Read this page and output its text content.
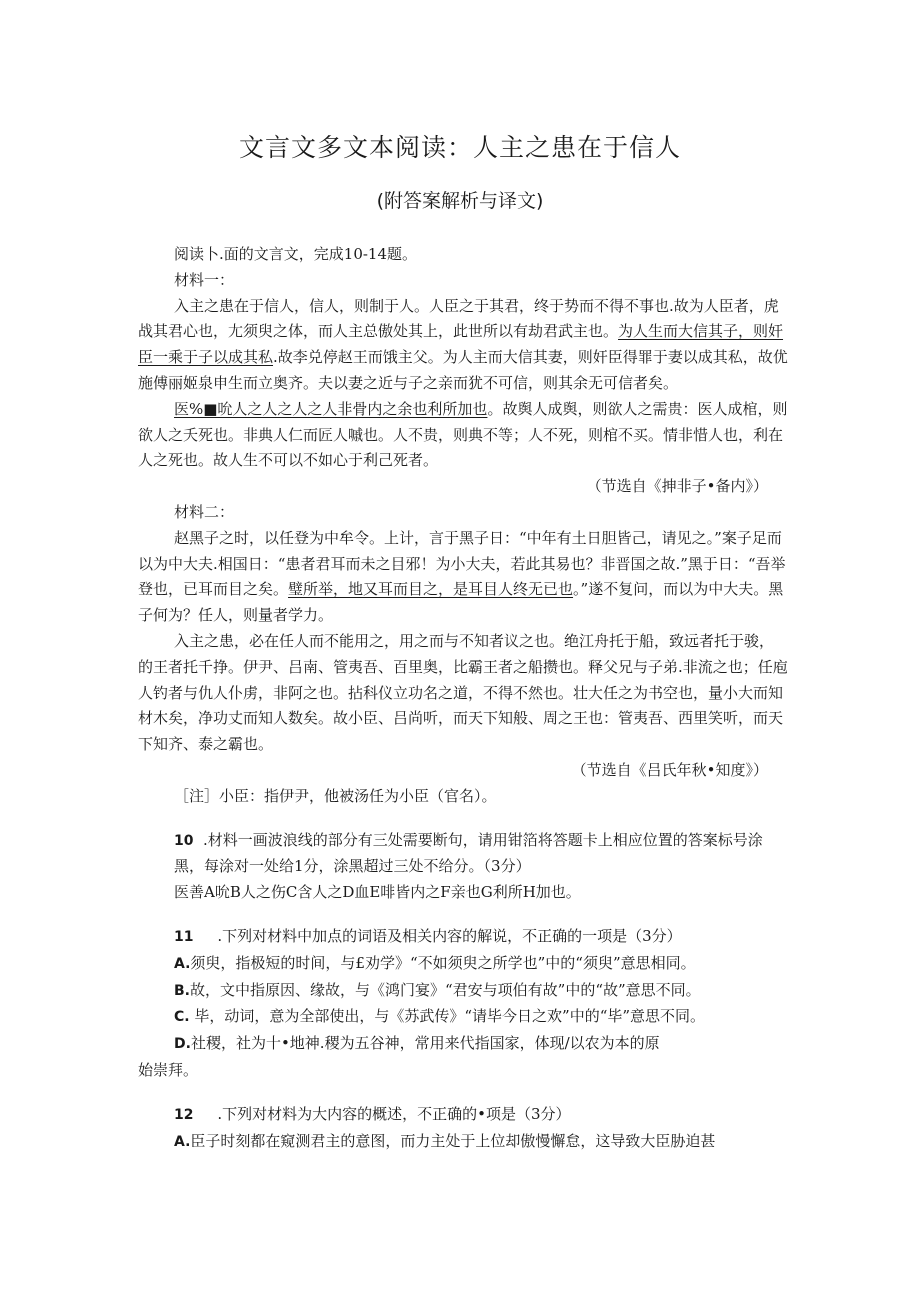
文言文多文本阅读：人主之患在于信人
(附答案解析与译文)

阅读卜.面的文言文，完成10-14题。

材料一：

入主之患在于信人，信人，则制于人。人臣之于其君，终于势而不得不事也.故为人臣者，虎战其君心也，尢须臾之体，而人主总傲处其上，此世所以有劫君武主也。为人生而大信其子，则奸臣一乘于子以成其私.故李兑停赵王而饿主父。为人主而大信其妻，则奸臣得罪于妻以成其私，故优施傅丽姬泉申生而立奥齐。夫以妻之近与子之亲而犹不可信，则其余无可信者矣。

医%■吮人之人之人之人非骨内之余也利所加也。故舆人成舆，则欲人之需贵：医人成棺，则欲人之夭死也。非典人仁而匠人嘁也。人不贵，则典不等；人不死，则棺不买。情非惜人也，利在人之死也。故人生不可以不如心于利己死者。

（节选自《抻非子•备内》）

材料二：

赵黑子之时，以任登为中牟令。上计，言于黑子日：“中年有土日胆皆己，请见之。”案子足而以为中大夫.相国日：“患者君耳而未之目邪！为小大夫，若此其易也？非晋国之故.”黑于日：“吾举登也，已耳而目之矣。璧所举，地又耳而目之，是耳目人终无已也。”遂不复问，而以为中大夫。黑子何为？任人，则量者学力。

入主之患，必在任人而不能用之，用之而与不知者议之也。绝江舟托于船，致远者托于骏，的王者托千挣。伊尹、吕南、管夷吾、百里奥，比霸王者之船攒也。释父兄与子弟.非流之也；任庖人钓者与仇人仆虏，非阿之也。拈科仪立功名之道，不得不然也。壮大任之为书空也，量小大而知材木矣，净功丈而知人数矣。故小臣、吕尚听，而天下知般、周之王也：管夷吾、西里笑听，而天下知齐、泰之霸也。

（节选自《吕氏年秋•知度》）

［注］小臣：指伊尹，他被汤任为小臣（官名）。

10 .材料一画波浪线的部分有三处需要断句，请用钳箔将答题卡上相应位置的答案标号涂黑，每涂对一处给1分，涂黑超过三处不给分。（3分）

医善A吮B人之伤C含人之D血E啡皆内之F亲也G利所H加也。

11 .下列对材料中加点的词语及相关内容的解说，不正确的一项是（3分）

A.须臾，指极短的时间，与£劝学》“不如须臾之所学也”中的“须臾”意思相同。

B.故，文中指原因、缘故，与《鸿门宴》“君安与项伯有故”中的“故”意思不同。

C. 毕，动词，意为全部使出，与《苏武传》“请毕今日之欢”中的“毕”意思不同。

D.社稷，社为十•地神.稷为五谷神，常用来代指国家，体现/以农为本的原

始崇拜。

12 .下列对材料为大内容的概述，不正确的•项是（3分）

A.臣子时刻都在窥测君主的意图，而力主处于上位却傲慢懈怠，这导致大臣胁迫甚
